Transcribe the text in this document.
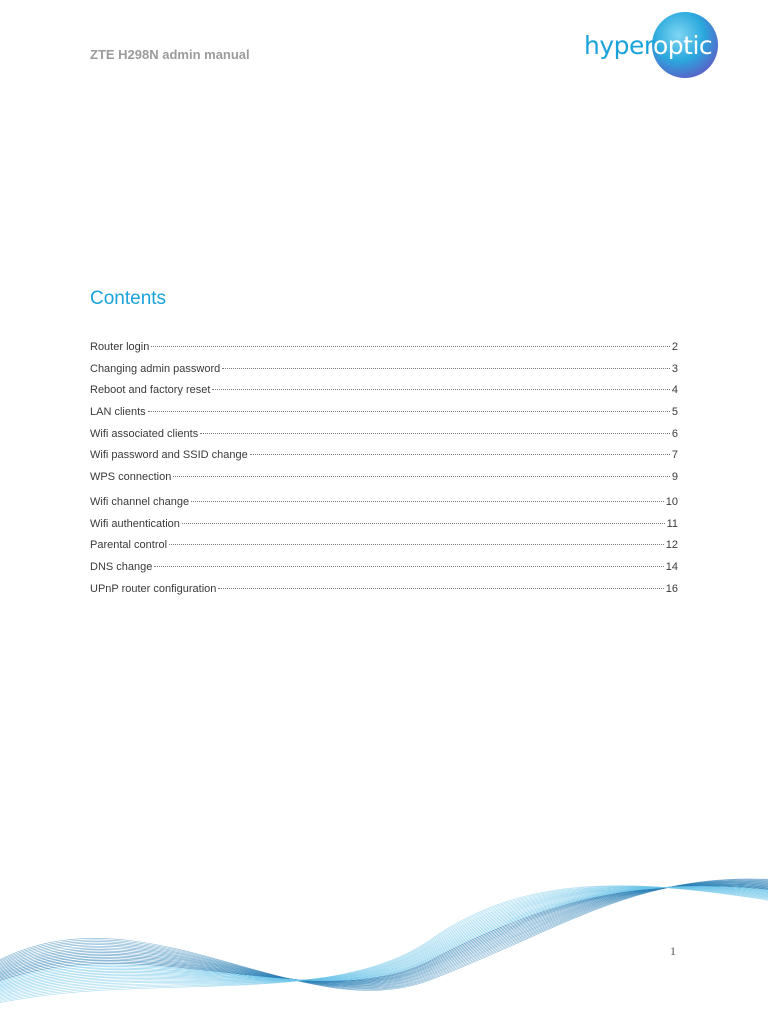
ZTE H298N admin manual	hyper optic
Contents
Router login	2
Changing admin password	3
Reboot and factory reset	4
LAN clients	5
Wifi associated clients	6
Wifi password and SSID change	7
WPS connection	9
Wifi channel change	10
Wifi authentication	11
Parental control	12
DNS change	14
UPnP router configuration	16
1
